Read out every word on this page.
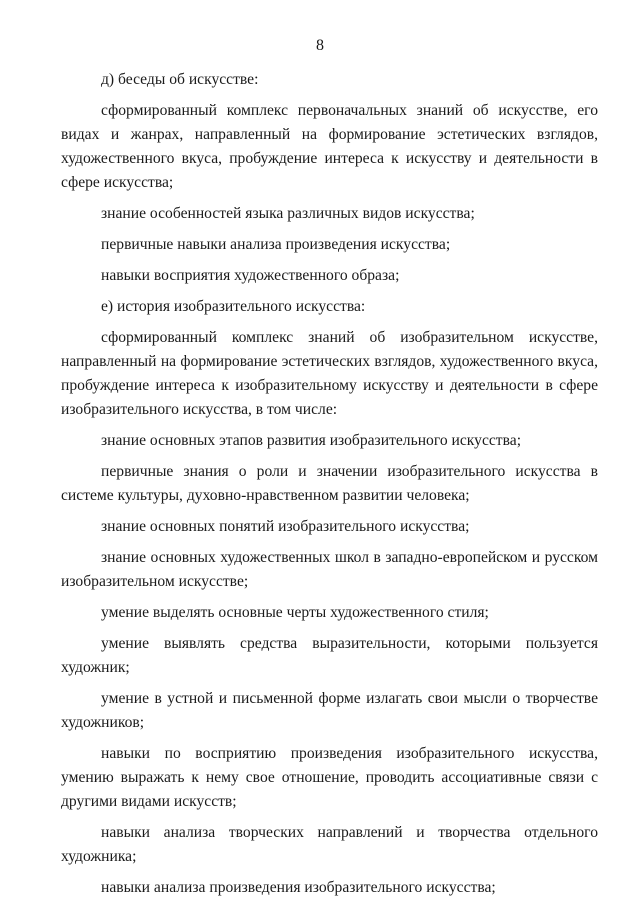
8

д) беседы об искусстве:

сформированный комплекс первоначальных знаний об искусстве, его видах и жанрах, направленный на формирование эстетических взглядов, художественного вкуса, пробуждение интереса к искусству и деятельности в сфере искусства;

знание особенностей языка различных видов искусства;

первичные навыки анализа произведения искусства;

навыки восприятия художественного образа;

е) история изобразительного искусства:

сформированный комплекс знаний об изобразительном искусстве, направленный на формирование эстетических взглядов, художественного вкуса, пробуждение интереса к изобразительному искусству и деятельности в сфере изобразительного искусства, в том числе:

знание основных этапов развития изобразительного искусства;

первичные знания о роли и значении изобразительного искусства в системе культуры, духовно-нравственном развитии человека;

знание основных понятий изобразительного искусства;

знание основных художественных школ в западно-европейском и русском изобразительном искусстве;

умение выделять основные черты художественного стиля;

умение выявлять средства выразительности, которыми пользуется художник;

умение в устной и письменной форме излагать свои мысли о творчестве художников;

навыки по восприятию произведения изобразительного искусства, умению выражать к нему свое отношение, проводить ассоциативные связи с другими видами искусств;

навыки анализа творческих направлений и творчества отдельного художника;

навыки анализа произведения изобразительного искусства;
